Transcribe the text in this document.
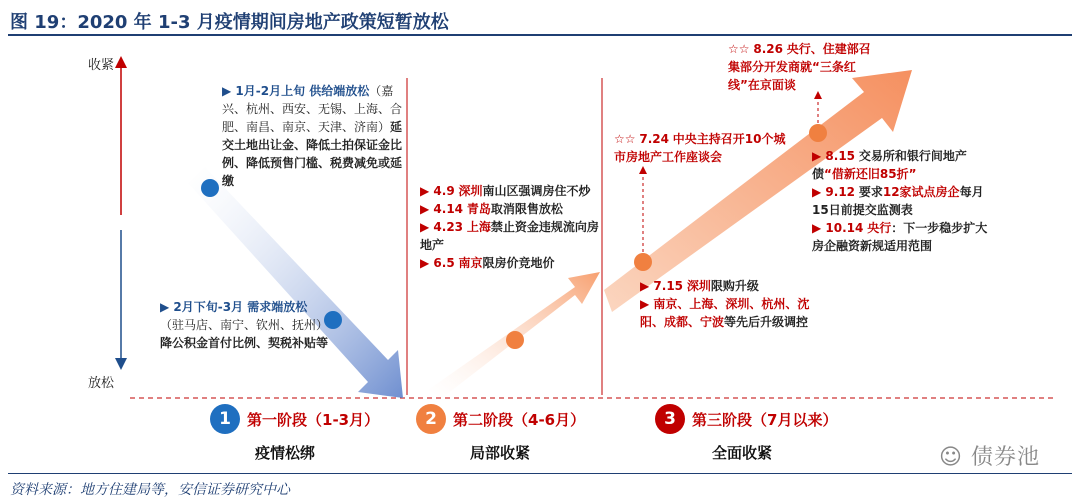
图 19：2020 年 1-3 月疫情期间房地产政策短暂放松
收紧
放松
▶ 1月-2月上旬 供给端放松（嘉兴、杭州、西安、无锡、上海、合肥、南昌、南京、天津、济南）延交土地出让金、降低土拍保证金比例、降低预售门槛、税费减免或延缴
▶ 2月下旬-3月 需求端放松（驻马店、南宁、钦州、抚州）降公积金首付比例、契税补贴等
▶ 4.9 深圳南山区强调房住不炒
▶ 4.14 青岛取消限售放松
▶ 4.23 上海禁止资金违规流向房地产
▶ 6.5 南京限房价竞地价
☆☆ 8.26 央行、住建部召集部分开发商就“三条红线”在京面谈
☆☆ 7.24 中央主持召开10个城市房地产工作座谈会	▶ 8.15 交易所和银行间地产债“借新还旧85折”
▶ 9.12 要求12家试点房企每月15日前提交监测表
▶ 10.14 央行：下一步稳步扩大房企融资新规适用范围
▶ 7.15 深圳限购升级
▶ 南京、上海、深圳、杭州、沈阳、成都、宁波等先后升级调控
1	第一阶段（1-3月）
疫情松绑
2	第二阶段（4-6月）
局部收紧
3	第三阶段（7月以来）
全面收紧	☺ 债券池
资料来源：地方住建局等，安信证券研究中心
